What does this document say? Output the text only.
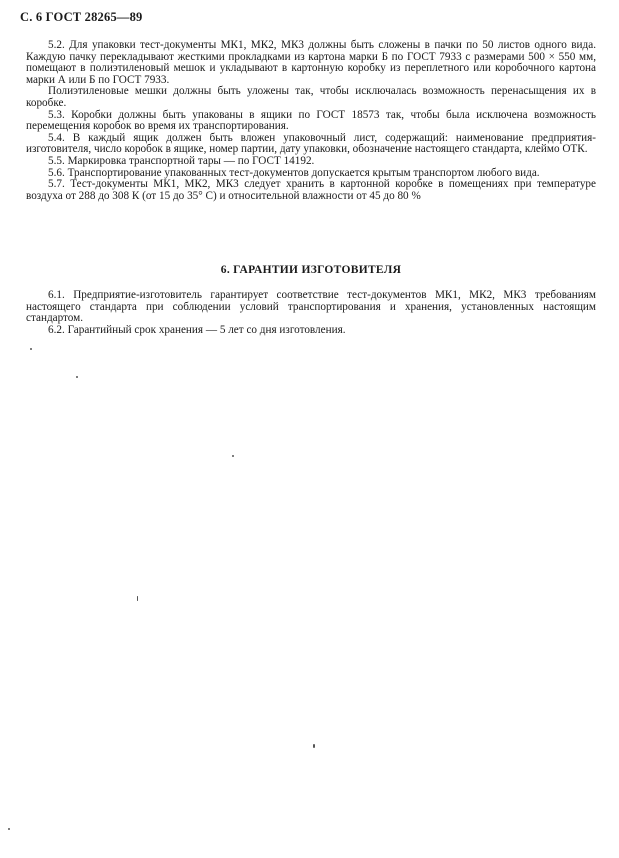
С. 6 ГОСТ 28265—89

5.2. Для упаковки тест-документы МК1, МК2, МК3 должны быть сложены в пачки по 50 листов одного вида. Каждую пачку перекладывают жесткими прокладками из картона марки Б по ГОСТ 7933 с размерами 500 × 550 мм, помещают в полиэтиленовый мешок и укладывают в картонную коробку из переплетного или коробочного картона марки А или Б по ГОСТ 7933.

Полиэтиленовые мешки должны быть уложены так, чтобы исключалась возможность перенасыщения их в коробке.

5.3. Коробки должны быть упакованы в ящики по ГОСТ 18573 так, чтобы была исключена возможность перемещения коробок во время их транспортирования.

5.4. В каждый ящик должен быть вложен упаковочный лист, содержащий: наименование предприятия-изготовителя, число коробок в ящике, номер партии, дату упаковки, обозначение настоящего стандарта, клеймо ОТК.

5.5. Маркировка транспортной тары — по ГОСТ 14192.

5.6. Транспортирование упакованных тест-документов допускается крытым транспортом любого вида.

5.7. Тест-документы МК1, МК2, МК3 следует хранить в картонной коробке в помещениях при температуре воздуха от 288 до 308 К (от 15 до 35° С) и относительной влажности от 45 до 80 %

6. ГАРАНТИИ ИЗГОТОВИТЕЛЯ

6.1. Предприятие-изготовитель гарантирует соответствие тест-документов МК1, МК2, МК3 требованиям настоящего стандарта при соблюдении условий транспортирования и хранения, установленных настоящим стандартом.

6.2. Гарантийный срок хранения — 5 лет со дня изготовления.
